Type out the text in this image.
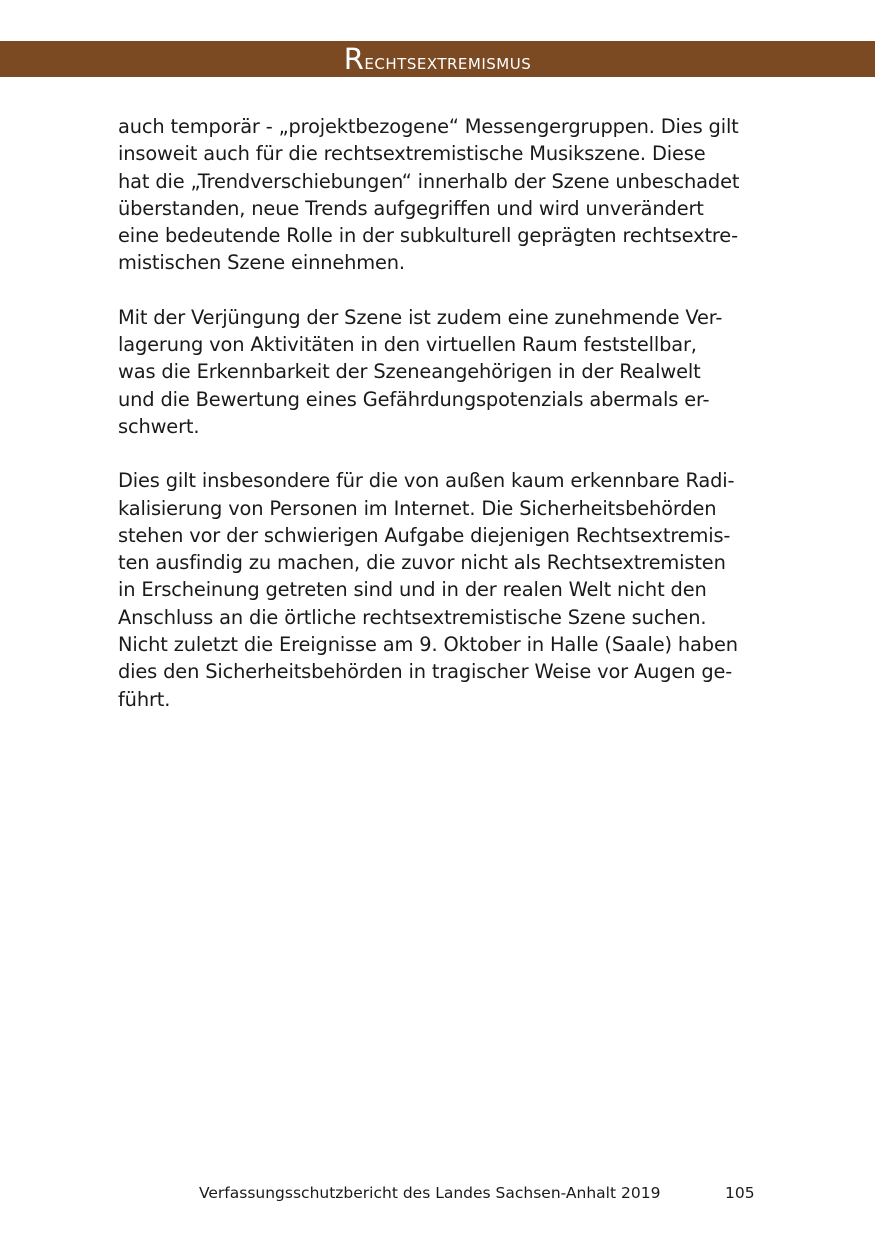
Rechtsextremismus

auch temporär - „projektbezogene“ Messengergruppen. Dies gilt
insoweit auch für die rechtsextremistische Musikszene. Diese
hat die „Trendverschiebungen“ innerhalb der Szene unbeschadet
überstanden, neue Trends aufgegriffen und wird unverändert
eine bedeutende Rolle in der subkulturell geprägten rechtsextre-
mistischen Szene einnehmen.

Mit der Verjüngung der Szene ist zudem eine zunehmende Ver-
lagerung von Aktivitäten in den virtuellen Raum feststellbar,
was die Erkennbarkeit der Szeneangehörigen in der Realwelt
und die Bewertung eines Gefährdungspotenzials abermals er-
schwert.

Dies gilt insbesondere für die von außen kaum erkennbare Radi-
kalisierung von Personen im Internet. Die Sicherheitsbehörden
stehen vor der schwierigen Aufgabe diejenigen Rechtsextremis-
ten ausfindig zu machen, die zuvor nicht als Rechtsextremisten
in Erscheinung getreten sind und in der realen Welt nicht den
Anschluss an die örtliche rechtsextremistische Szene suchen.
Nicht zuletzt die Ereignisse am 9. Oktober in Halle (Saale) haben
dies den Sicherheitsbehörden in tragischer Weise vor Augen ge-
führt.

Verfassungsschutzbericht des Landes Sachsen-Anhalt 2019	105
